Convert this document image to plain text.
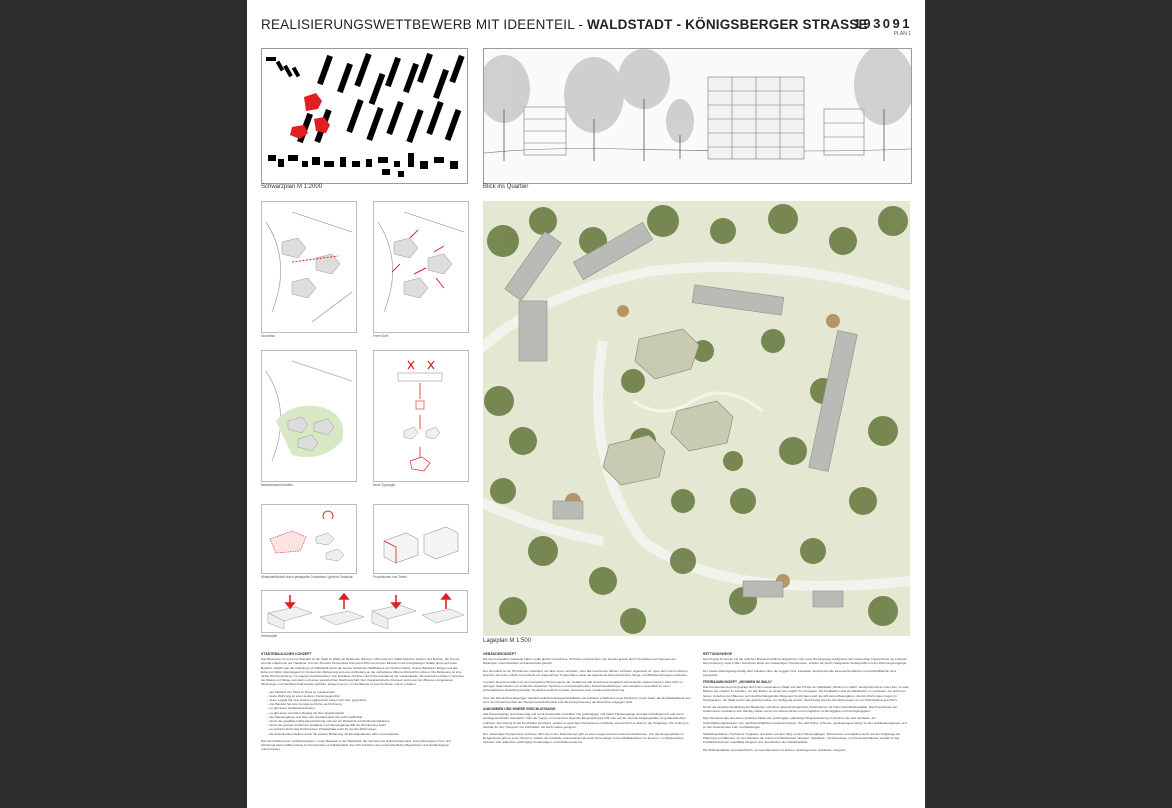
REALISIERUNGSWETTBEWERB MIT IDEENTEIL - WALDSTADT - KÖNIGSBERGER STRASSE
193091
PLAN 1
Schwarzplan M 1:2000	Blick ins Quartier
Grundriss	Freie Sicht
Baumbestand erhalten	Neue Typologie
Wirtschaftlichkeit durch gestapelte Grundrisse / gleiche Gebäude	Proportionen von Zeilen
Höhenspiel
Lageplan M 1:500
STÄDTEBAULICHES KONZEPT

Das Bewerben an unserem Standort ist die Stadt im Wald mit fließenden Räumen. Man wohnt im Wald zwischen Kiefern und Buchen, die Kreuze Grunde erlaubt wie der Hauskote. Von der Theodor Heuss Allee kommend trifft man bei der Einfahrt in die Königsberger Straße direkt auf einen Baufeld, sobald man die Aufteilung zur Waldstadt durch die bereits stehenden Waldbäume am hinteren Rand, Unsere Bauköper fangen aus den Ecken im Wald, überwiegend im Kontext der Aktivierung und eine Anbindung an die vorhandene Räume Rücksicht nehmen. Die Bebauung ist eine dichte Durchmischung, mit eigenen Grünbereichen. Die Gebäude zeichnen durch die Gestaltung der Gebäudeteile, die ausreichend Raum zwischen der Masse und Wege vermitteln und einen gewünschten Nachbarschaft. Der charakteristische Freiraum wird unter den Bäumen eingelassen, Mischwege und Nachbarschaft werden gebildet, aufgenommen, um die Bäume zu kennzeichnen und zu erhalten.

– der Abstand von Haus zu Haus ist maximal weit
– keine Wohnung ist einer anderen frontal gegenüber
– keine Loggia hat eine andere Loggia direkt neben sich bzw. gegenüber
– das Baufeld hat eine homogene Dichte und Körnung
– es gibt keine Gebäuderückseiten
– es gibt einen zentralen Zugang mit dem Quartiersplatz
– die Hauseingänge sind über den Quartiersplatz wie leicht auffindbar
– durch die gewählte Gebäudeausrichtung nehmen wir Rücksicht auf die Bestandsbäume
– durch die geringe Anzahl der Gebäude und Hauseingänge fällt die Orientierung leicht
– es entsteht durch das Hochparterre Privatsphäre auch für die EG-Wohnungen
– die Außenkanten bleiben durch die lockere Bebauung mit Einzelgebäuden offen und entstehen

Das Areal bildet einen selbstbewussten, neuen Baustein in der Waldstadt, der sich als eine Einheit präsentiert. Kontextbezogene Form und Ortsbezug bieten differenzierte Formensprache und Materialität, die nicht zwischen den unterschiedlichen Bewohnern und Gebäudetypen unterscheidet.

GEBÄUDEKONZEPT

Die drei kompakten Gebäude haben exakt gleiche Grundrisse, Schnitte und Ansichten. Sie werden jedoch durch Verdrehen und Spiegeln der Baukörper unterschiedlich und abwechslungsreich.

Der Grundriss ist ein 50-Spänner entwickelt, der über einen zentralen, über alle Geschosse offenen Luftraum organisiert ist. Quer durch den Luftraum spannen wir einen erhellt und entsteht ein angenehmer Treppenhaus sowie die spannende Raumerlebnisse, Wege- und Blickbeziehungen entstehen.

In jedem Geschoss bilden wir den kompletten Wohnungsmix ab, sodass wir alle Geschosse baugleich übereinander stapeln können. Dies führt zu geringen Spannweiten mit einfachen statischen Systemen und durchgehenden Schachtausbildungen, was wiederum wesentlich zu einer wirtschaftlichen Erstellung beiträgt. Zusätzlich entsteht in jedem Geschoss eine soziale Durchmischung.

Über der Oberlichtverglasungen natürlich belichtete Erdgeschoßsfläche mit Luftraum schafft eine neue Wohnform in der Stadt, die identitätsstiftend sein wird, den Zusammenhalt der Hausgemeinschaft stärkt und die Anonymisierung der Bewohner entgegen wirkt.

ANKOMMEN UND INNERE ERSCHLIESSUNG

Alle Hauseingänge sind ebenerdig und somit barrierefrei erreichbar. Die großzügigen und hellen Hauseingänge sind alle rollstuhlgerecht und somit werbegerecht/nicht überdacht. Über die Treppe, im Innenraum liegende Eingangstreppe trifft man auf die zentrale Eingangshalle mit gebäudehohem Luftraum. Der Aufzug ist als Durchlader konzipiert, sodass er auch das Hochparterre erschließt, ebenso führt er direkt in die Tiefgarage. Der Aufzug ist deshalb für den Transport von Fahrrädern als auch Lasten geeignet.

Der notwendige Treppenraum Luftraum führt wie in den Kellerräumen gibt es einen angemessenen Gemeinschaftsraum. Von der Eingangshalle im Erdgeschoss gibt es einen Shortcut, sodass die Gebäude untereinander als auch kurze Wege zu den Müllstandorten zu kommen. Im Erdgeschoss befinden sich außerdem großzügige Kinderwagen- und Rollatorenräume.

RETTUNGSWEGE

Das Projekt ist bereits mit der örtlichen Brandschutzfirma abgestimmt. Der erste Rettungsweg erfolgt über das notwendige Treppenhaus mit Luftraum. Die Förderung, etwa 4 WE / Geschoss direkt am notwendigen Treppenraum, erfüllen wir durch zweigeteilte Stufenprofile mit der Wohnungseingänge.

Der zweite Rettungsweg erfolgt über Anleitern über die Loggien bzw. Fassaden. Entsprechende Feuerwehrzufahrten und Aufstellflächen sind eingeplant.

FREIRAUMKONZEPT „WOHNEN IM WALD“

Das Freiraumkonzept ist geprägt durch den vorhandenen Wald und das Prinzip der Waldstadt „Wohnen im Wald“. Entsprechend ist unser Ziel, so viele Bäume wie möglich zu erhalten, um den Boden so wenig wie möglich zu versiegeln. Die Freiflächen sind als Waldboden zu verstehen, der durch ein feines, zwischen den Bäumen sich durchschlängelndes Wegenetz durchzogen wird. Es gibt keine Mietergärten, die EG-Wohnungen liegen im Hochparterre, der Wald soll für alle gleichermaßen zur Verfügung stehen. Gleichzeitig sind die EG-Wohnungen so vor Öffentlichkeit geschützt.

Durch die einfache Ausbildung der Baukörper entstehen abwechslungsreiche Außenräume mit hoher Aufenthaltsqualität. Die Proportionen der Außenräume verändern sich ständig, haben immer ein offenes Ende und ermöglichen Großzügigkeit und Durchgängigkeit.

Das Herzstück des autofreien Quartiers bildet eine großzügige, platzartige Wegeaufweitung im Zentrum der drei Gebäude, der Aufenthaltsmöglichkeiten zum nachbarschaftlichen Austausch bietet. Von dort führen schmale, geschwungene Wege zu den Gebäudeeingängen und zu den bestehenden Fuß- und Radwegen.

Stellplatzgebäude „Hochbeete“ begleiten und leiten auf dem Weg zu den Hauseingängen. Diese bieten ermöglichen auch auf der Tiefgarage die Pflanzung von Bäumen. An den Rändern der Inseln und Stützkörper integriert. Spielplatz-, Versickerungs- und Feuerwehrflächen werden in das Freiflächenkonzept unauffällig integriert und unterstützen den Waldcharakter.

Die Müllstandplätze sind oberirdisch, an zwei Standorten in kleinen, dachbegrünten Gebäuden integriert.
